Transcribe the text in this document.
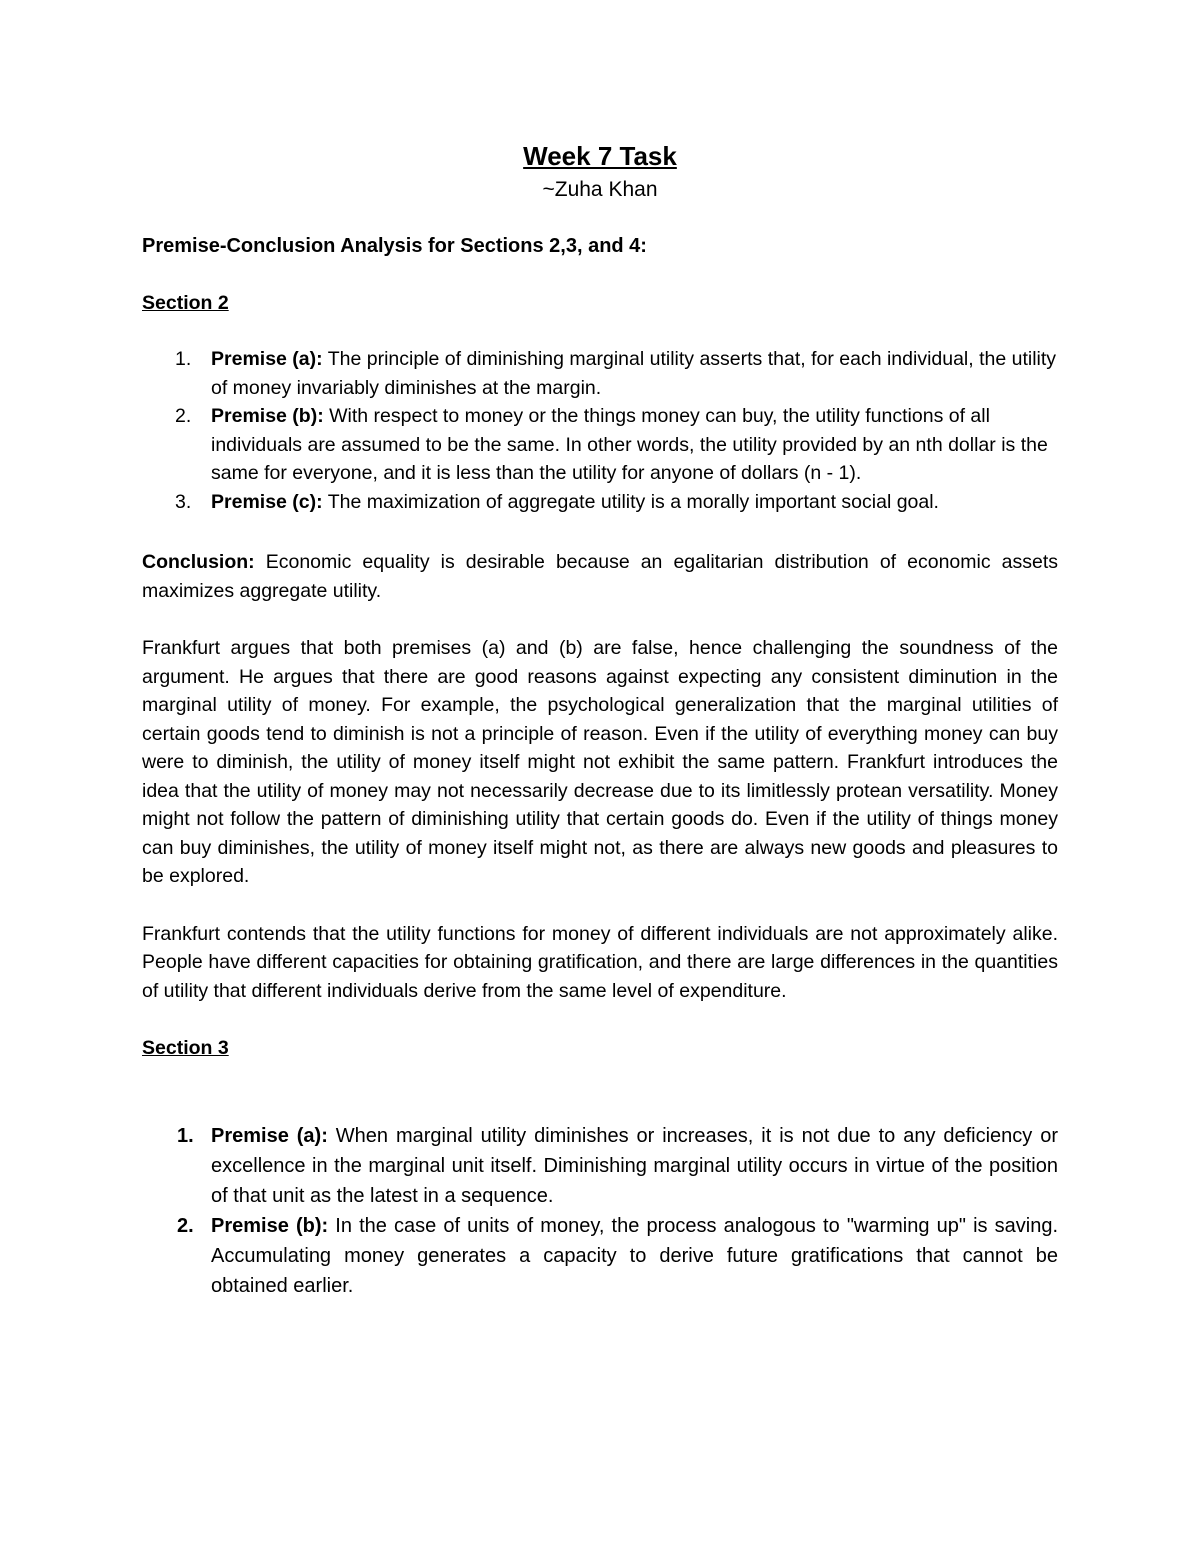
Week 7 Task
~Zuha Khan
Premise-Conclusion Analysis for Sections 2,3, and 4:
Section 2
1. Premise (a): The principle of diminishing marginal utility asserts that, for each individual, the utility of money invariably diminishes at the margin.
2. Premise (b): With respect to money or the things money can buy, the utility functions of all individuals are assumed to be the same. In other words, the utility provided by an nth dollar is the same for everyone, and it is less than the utility for anyone of dollars (n - 1).
3. Premise (c): The maximization of aggregate utility is a morally important social goal.

Conclusion: Economic equality is desirable because an egalitarian distribution of economic assets maximizes aggregate utility.

Frankfurt argues that both premises (a) and (b) are false, hence challenging the soundness of the argument. He argues that there are good reasons against expecting any consistent diminution in the marginal utility of money. For example, the psychological generalization that the marginal utilities of certain goods tend to diminish is not a principle of reason. Even if the utility of everything money can buy were to diminish, the utility of money itself might not exhibit the same pattern. Frankfurt introduces the idea that the utility of money may not necessarily decrease due to its limitlessly protean versatility. Money might not follow the pattern of diminishing utility that certain goods do. Even if the utility of things money can buy diminishes, the utility of money itself might not, as there are always new goods and pleasures to be explored.

Frankfurt contends that the utility functions for money of different individuals are not approximately alike. People have different capacities for obtaining gratification, and there are large differences in the quantities of utility that different individuals derive from the same level of expenditure.

Section 3
1. Premise (a): When marginal utility diminishes or increases, it is not due to any deficiency or excellence in the marginal unit itself. Diminishing marginal utility occurs in virtue of the position of that unit as the latest in a sequence.

2. Premise (b): In the case of units of money, the process analogous to "warming up" is saving. Accumulating money generates a capacity to derive future gratifications that cannot be obtained earlier.
